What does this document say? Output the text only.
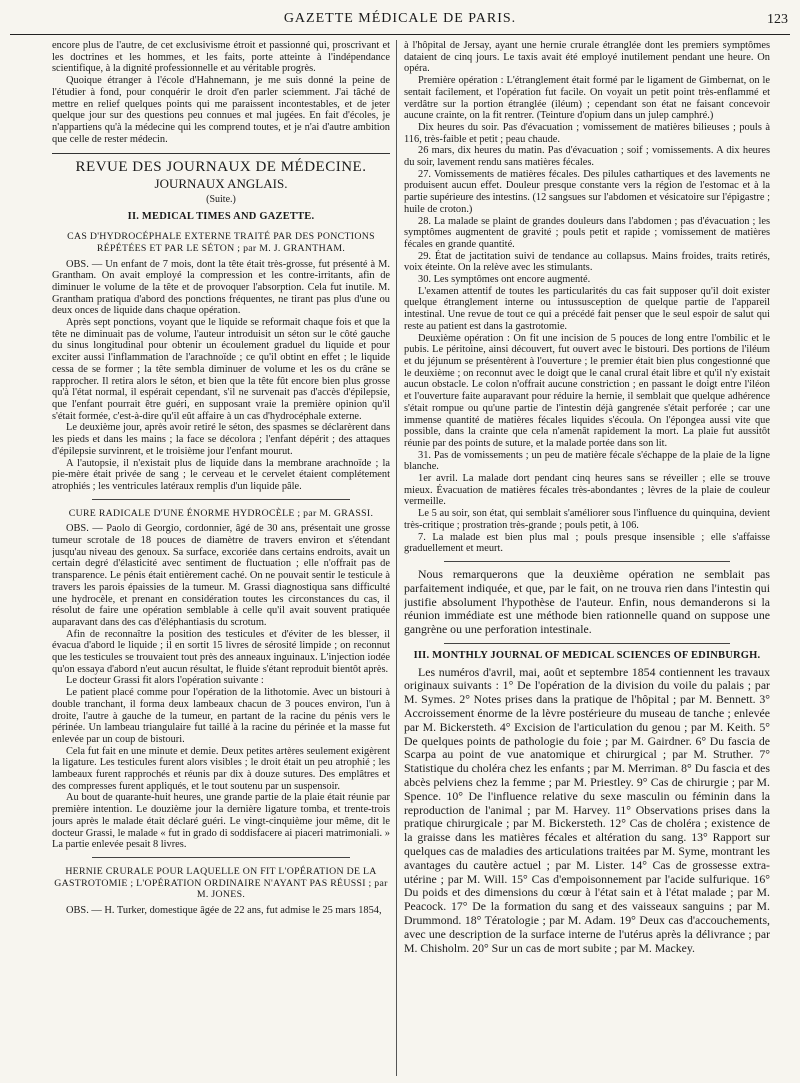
GAZETTE MÉDICALE DE PARIS.	123

encore plus de l'autre, de cet exclusivisme étroit et passionné qui, proscrivant et les doctrines et les hommes, et les faits, porte atteinte à l'indépendance scientifique, à la dignité professionnelle et au véritable progrès.

Quoique étranger à l'école d'Hahnemann, je me suis donné la peine de l'étudier à fond, pour conquérir le droit d'en parler sciemment. J'ai tâché de mettre en relief quelques points qui me paraissent incontestables, et de jeter quelque jour sur des questions peu connues et mal jugées. En fait d'écoles, je n'appartiens qu'à la médecine qui les comprend toutes, et je n'ai d'autre ambition que celle de rester médecin.

REVUE DES JOURNAUX DE MÉDECINE.
JOURNAUX ANGLAIS.
(Suite.)
II. MEDICAL TIMES AND GAZETTE.

CAS D'HYDROCÉPHALE EXTERNE TRAITÉ PAR DES PONCTIONS RÉPÉTÉES ET PAR LE SÉTON ; par M. J. GRANTHAM.

OBS. — Un enfant de 7 mois, dont la tête était très-grosse, fut présenté à M. Grantham. On avait employé la compression et les contre-irritants, afin de diminuer le volume de la tête et de provoquer l'absorption. Cela fut inutile. M. Grantham pratiqua d'abord des ponctions fréquentes, ne tirant pas plus d'une ou deux onces de liquide dans chaque opération.

Après sept ponctions, voyant que le liquide se reformait chaque fois et que la tête ne diminuait pas de volume, l'auteur introduisit un séton sur le côté gauche du sinus longitudinal pour obtenir un écoulement graduel du liquide et pour exciter aussi l'inflammation de l'arachnoïde ; ce qu'il obtint en effet ; le liquide cessa de se former ; la tête sembla diminuer de volume et les os du crâne se rapprocher. Il retira alors le séton, et bien que la tête fût encore bien plus grosse qu'à l'état normal, il espérait cependant, s'il ne survenait pas d'accès d'épilepsie, que l'enfant pourrait être guéri, en supposant vraie la première opinion qu'il s'était formée, c'est-à-dire qu'il eût affaire à un cas d'hydrocéphale externe.

Le deuxième jour, après avoir retiré le séton, des spasmes se déclarèrent dans les pieds et dans les mains ; la face se décolora ; l'enfant dépérit ; des attaques d'épilepsie survinrent, et le troisième jour l'enfant mourut.

A l'autopsie, il n'existait plus de liquide dans la membrane arachnoïde ; la pie-mère était privée de sang ; le cerveau et le cervelet étaient complétement atrophiés ; les ventricules latéraux remplis d'un liquide pâle.

CURE RADICALE D'UNE ÉNORME HYDROCÈLE ; par M. GRASSI.

OBS. — Paolo di Georgio, cordonnier, âgé de 30 ans, présentait une grosse tumeur scrotale de 18 pouces de diamètre de travers environ et s'étendant jusqu'au niveau des genoux. Sa surface, excoriée dans certains endroits, avait un certain degré d'élasticité avec sentiment de fluctuation ; elle n'offrait pas de transparence. Le pénis était entièrement caché. On ne pouvait sentir le testicule à travers les parois épaissies de la tumeur. M. Grassi diagnostiqua sans difficulté une hydrocèle, et prenant en considération toutes les circonstances du cas, il résolut de faire une opération semblable à celle qu'il avait souvent pratiquée auparavant dans des cas d'éléphantiasis du scrotum.

Afin de reconnaître la position des testicules et d'éviter de les blesser, il évacua d'abord le liquide ; il en sortit 15 livres de sérosité limpide ; on reconnut que les testicules se trouvaient tout près des anneaux inguinaux. L'injection iodée qu'on essaya d'abord n'eut aucun résultat, le fluide s'étant reproduit bientôt après.

Le docteur Grassi fit alors l'opération suivante :

Le patient placé comme pour l'opération de la lithotomie. Avec un bistouri à double tranchant, il forma deux lambeaux chacun de 3 pouces environ, l'un à droite, l'autre à gauche de la tumeur, en partant de la racine du pénis vers le périnée. Un lambeau triangulaire fut taillé à la racine du périnée et la masse fut enlevée par un coup de bistouri.

Cela fut fait en une minute et demie. Deux petites artères seulement exigèrent la ligature. Les testicules furent alors visibles ; le droit était un peu atrophié ; les lambeaux furent rapprochés et réunis par dix à douze sutures. Des emplâtres et des compresses furent appliqués, et le tout soutenu par un suspensoir.

Au bout de quarante-huit heures, une grande partie de la plaie était réunie par première intention. Le douzième jour la dernière ligature tomba, et trente-trois jours après le malade était déclaré guéri. Le vingt-cinquième jour même, dit le docteur Grassi, le malade « fut in grado di soddisfacere ai piaceri matrimoniali. » La partie enlevée pesait 8 livres.

HERNIE CRURALE POUR LAQUELLE ON FIT L'OPÉRATION DE LA GASTROTOMIE ; L'OPÉRATION ORDINAIRE N'AYANT PAS RÉUSSI ; par M. JONES.

OBS. — H. Turker, domestique âgée de 22 ans, fut admise le 25 mars 1854,

à l'hôpital de Jersay, ayant une hernie crurale étranglée dont les premiers symptômes dataient de cinq jours. Le taxis avait été employé inutilement pendant une heure. On opéra.

Première opération : L'étranglement était formé par le ligament de Gimbernat, on le sentait facilement, et l'opération fut facile. On voyait un petit point très-enflammé et verdâtre sur la portion étranglée (iléum) ; cependant son état ne faisant concevoir aucune crainte, on la fit rentrer. (Teinture d'opium dans un julep camphré.)

Dix heures du soir. Pas d'évacuation ; vomissement de matières bilieuses ; pouls à 116, très-faible et petit ; peau chaude.

26 mars, dix heures du matin. Pas d'évacuation ; soif ; vomissements. A dix heures du soir, lavement rendu sans matières fécales.

27. Vomissements de matières fécales. Des pilules cathartiques et des lavements ne produisent aucun effet. Douleur presque constante vers la région de l'estomac et à la partie supérieure des intestins. (12 sangsues sur l'abdomen et vésicatoire sur l'épigastre ; huile de croton.)

28. La malade se plaint de grandes douleurs dans l'abdomen ; pas d'évacuation ; les symptômes augmentent de gravité ; pouls petit et rapide ; vomissement de matières fécales en grande quantité.

29. État de jactitation suivi de tendance au collapsus. Mains froides, traits retirés, voix éteinte. On la relève avec les stimulants.

30. Les symptômes ont encore augmenté.

L'examen attentif de toutes les particularités du cas fait supposer qu'il doit exister quelque étranglement interne ou intussusception de quelque partie de l'appareil intestinal. Une revue de tout ce qui a précédé fait penser que le seul espoir de salut qui reste au patient est dans la gastrotomie.

Deuxième opération : On fit une incision de 5 pouces de long entre l'ombilic et le pubis. Le péritoine, ainsi découvert, fut ouvert avec le bistouri. Des portions de l'iléum et du jéjunum se présentèrent à l'ouverture ; le premier était bien plus congestionné que le deuxième ; on reconnut avec le doigt que le canal crural était libre et qu'il n'y existait aucun obstacle. Le colon n'offrait aucune constriction ; en passant le doigt entre l'iléon et l'ouverture faite auparavant pour réduire la hernie, il semblait que quelque adhérence s'était rompue ou qu'une partie de l'intestin déjà gangrenée s'était perforée ; car une immense quantité de matières fécales liquides s'écoula. On l'épongea aussi vite que possible, dans la crainte que cela n'amenât rapidement la mort. La plaie fut aussitôt réunie par des points de suture, et la malade portée dans son lit.

31. Pas de vomissements ; un peu de matière fécale s'échappe de la plaie de la ligne blanche.

1er avril. La malade dort pendant cinq heures sans se réveiller ; elle se trouve mieux. Évacuation de matières fécales très-abondantes ; lèvres de la plaie de couleur vermeille.

Le 5 au soir, son état, qui semblait s'améliorer sous l'influence du quinquina, devient très-critique ; prostration très-grande ; pouls petit, à 106.

7. La malade est bien plus mal ; pouls presque insensible ; elle s'affaisse graduellement et meurt.

Nous remarquerons que la deuxième opération ne semblait pas parfaitement indiquée, et que, par le fait, on ne trouva rien dans l'intestin qui justifie absolument l'hypothèse de l'auteur. Enfin, nous demanderons si la réunion immédiate est une méthode bien rationnelle quand on suppose une gangrène ou une perforation intestinale.

III. MONTHLY JOURNAL OF MEDICAL SCIENCES OF EDINBURGH.

Les numéros d'avril, mai, août et septembre 1854 contiennent les travaux originaux suivants : 1° De l'opération de la division du voile du palais ; par M. Symes. 2° Notes prises dans la pratique de l'hôpital ; par M. Bennett. 3° Accroissement énorme de la lèvre postérieure du museau de tanche ; enlevée par M. Bickersteth. 4° Excision de l'articulation du genou ; par M. Keith. 5° De quelques points de pathologie du foie ; par M. Gairdner. 6° Du fascia de Scarpa au point de vue anatomique et chirurgical ; par M. Struther. 7° Statistique du choléra chez les enfants ; par M. Merriman. 8° Du fascia et des abcès pelviens chez la femme ; par M. Priestley. 9° Cas de chirurgie ; par M. Spence. 10° De l'influence relative du sexe masculin ou féminin dans la reproduction de l'animal ; par M. Harvey. 11° Observations prises dans la pratique chirurgicale ; par M. Bickersteth. 12° Cas de choléra ; existence de la graisse dans les matières fécales et altération du sang. 13° Rapport sur quelques cas de maladies des articulations traitées par M. Syme, montrant les avantages du cautère actuel ; par M. Lister. 14° Cas de grossesse extra-utérine ; par M. Will. 15° Cas d'empoisonnement par l'acide sulfurique. 16° Du poids et des dimensions du cœur à l'état sain et à l'état malade ; par M. Peacock. 17° De la formation du sang et des vaisseaux sanguins ; par M. Drummond. 18° Tératologie ; par M. Adam. 19° Deux cas d'accouchements, avec une description de la surface interne de l'utérus après la délivrance ; par M. Chisholm. 20° Sur un cas de mort subite ; par M. Mackey.
